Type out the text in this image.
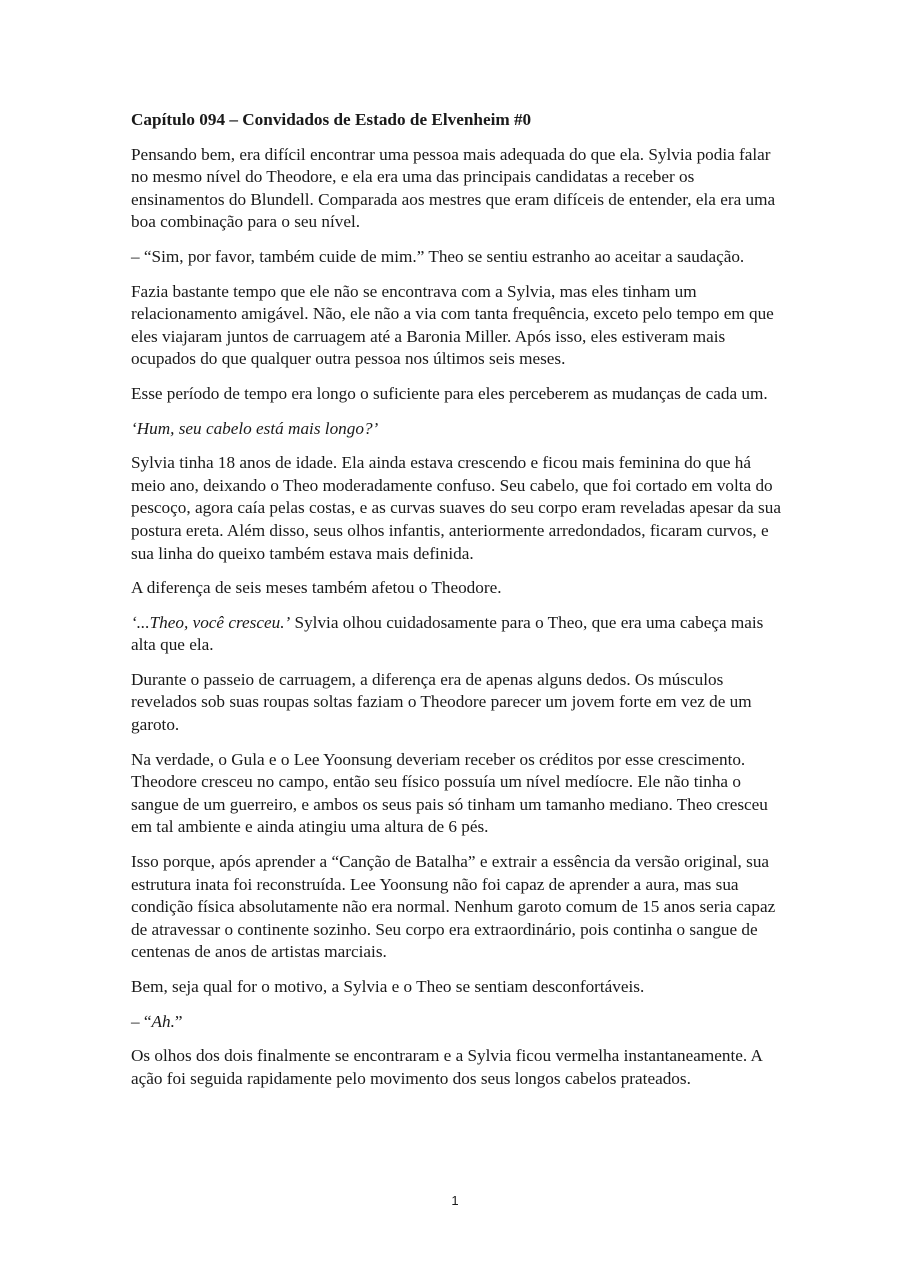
Capítulo 094 – Convidados de Estado de Elvenheim #0

Pensando bem, era difícil encontrar uma pessoa mais adequada do que ela. Sylvia podia falar no mesmo nível do Theodore, e ela era uma das principais candidatas a receber os ensinamentos do Blundell. Comparada aos mestres que eram difíceis de entender, ela era uma boa combinação para o seu nível.

– “Sim, por favor, também cuide de mim.” Theo se sentiu estranho ao aceitar a saudação.

Fazia bastante tempo que ele não se encontrava com a Sylvia, mas eles tinham um relacionamento amigável. Não, ele não a via com tanta frequência, exceto pelo tempo em que eles viajaram juntos de carruagem até a Baronia Miller. Após isso, eles estiveram mais ocupados do que qualquer outra pessoa nos últimos seis meses.

Esse período de tempo era longo o suficiente para eles perceberem as mudanças de cada um.

‘Hum, seu cabelo está mais longo?’

Sylvia tinha 18 anos de idade. Ela ainda estava crescendo e ficou mais feminina do que há meio ano, deixando o Theo moderadamente confuso. Seu cabelo, que foi cortado em volta do pescoço, agora caía pelas costas, e as curvas suaves do seu corpo eram reveladas apesar da sua postura ereta. Além disso, seus olhos infantis, anteriormente arredondados, ficaram curvos, e sua linha do queixo também estava mais definida.

A diferença de seis meses também afetou o Theodore.

‘...Theo, você cresceu.’ Sylvia olhou cuidadosamente para o Theo, que era uma cabeça mais alta que ela.

Durante o passeio de carruagem, a diferença era de apenas alguns dedos. Os músculos revelados sob suas roupas soltas faziam o Theodore parecer um jovem forte em vez de um garoto.

Na verdade, o Gula e o Lee Yoonsung deveriam receber os créditos por esse crescimento. Theodore cresceu no campo, então seu físico possuía um nível medíocre. Ele não tinha o sangue de um guerreiro, e ambos os seus pais só tinham um tamanho mediano. Theo cresceu em tal ambiente e ainda atingiu uma altura de 6 pés.

Isso porque, após aprender a “Canção de Batalha” e extrair a essência da versão original, sua estrutura inata foi reconstruída. Lee Yoonsung não foi capaz de aprender a aura, mas sua condição física absolutamente não era normal. Nenhum garoto comum de 15 anos seria capaz de atravessar o continente sozinho. Seu corpo era extraordinário, pois continha o sangue de centenas de anos de artistas marciais.

Bem, seja qual for o motivo, a Sylvia e o Theo se sentiam desconfortáveis.

– “Ah.”

Os olhos dos dois finalmente se encontraram e a Sylvia ficou vermelha instantaneamente. A ação foi seguida rapidamente pelo movimento dos seus longos cabelos prateados.

1
